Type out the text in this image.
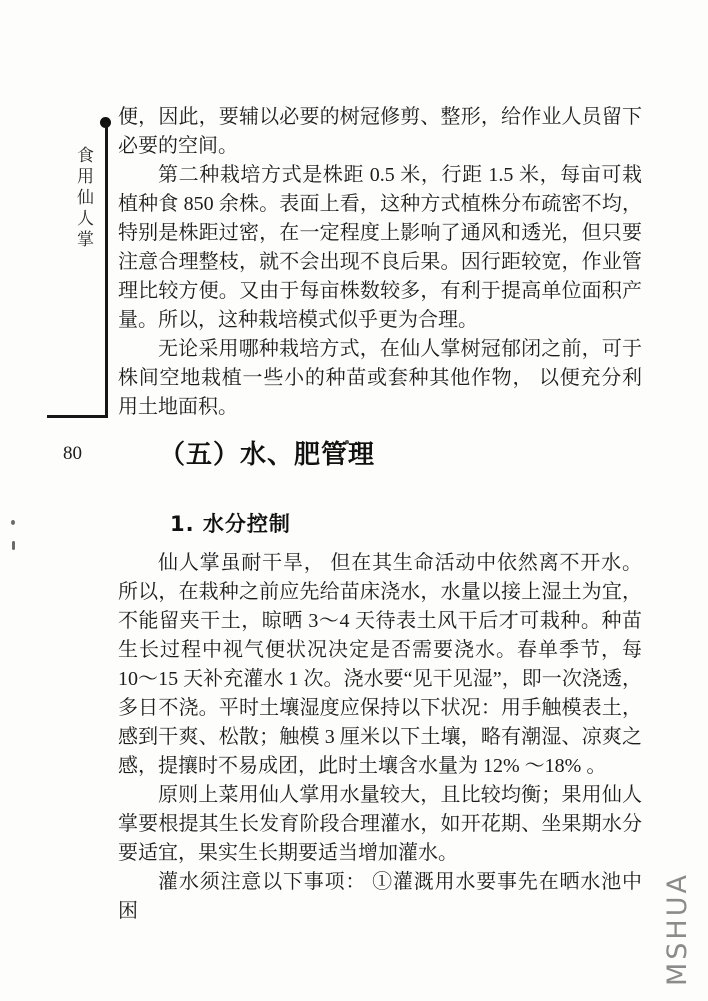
食用仙人掌
80

便，因此，要辅以必要的树冠修剪、整形，给作业人员留下必要的空间。

第二种栽培方式是株距 0.5 米，行距 1.5 米，每亩可栽植种食 850 余株。表面上看，这种方式植株分布疏密不均，特别是株距过密，在一定程度上影响了通风和透光，但只要注意合理整枝，就不会出现不良后果。因行距较宽，作业管理比较方便。又由于每亩株数较多，有利于提高单位面积产量。所以，这种栽培模式似乎更为合理。

无论采用哪种栽培方式，在仙人掌树冠郁闭之前，可于株间空地栽植一些小的种苗或套种其他作物， 以便充分利用土地面积。

（五）水、肥管理
1. 水分控制

仙人掌虽耐干旱， 但在其生命活动中依然离不开水。所以，在栽种之前应先给苗床浇水，水量以接上湿土为宜，不能留夹干土，晾晒 3～4 天待表土风干后才可栽种。种苗生长过程中视气便状况决定是否需要浇水。春单季节，每 10～15 天补充灌水 1 次。浇水要“见干见湿”，即一次浇透，多日不浇。平时土壤湿度应保持以下状况：用手触模表土，感到干爽、松散；触模 3 厘米以下土壤，略有潮湿、凉爽之感，提攘时不易成团，此时土壤含水量为 12% ～18% 。

原则上菜用仙人掌用水量较大，且比较均衡；果用仙人掌要根提其生长发育阶段合理灌水，如开花期、坐果期水分要适宜，果实生长期要适当增加灌水。

灌水须注意以下事项： ①灌溉用水要事先在晒水池中困	MSHUA
